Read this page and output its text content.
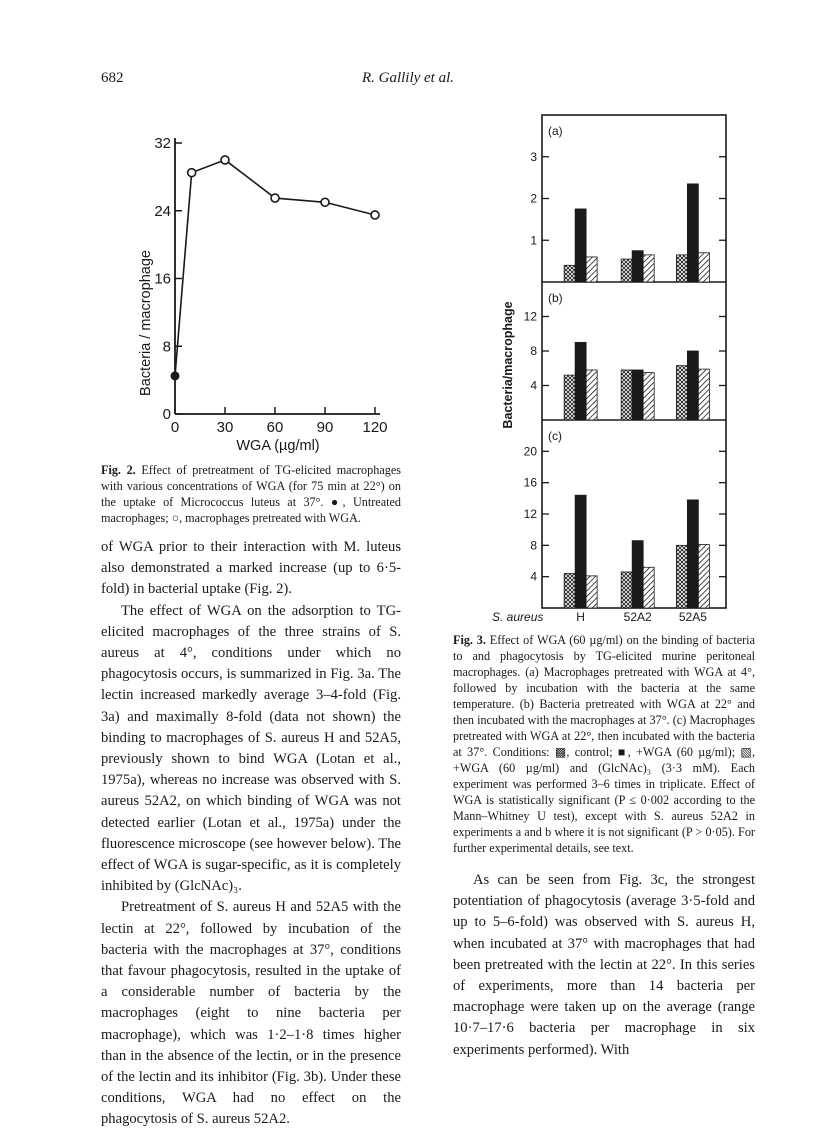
682	R. Gallily et al.
0
8
16
24
32
0 30 60 90 120
Bacteria / macrophage
WGA (µg/ml)
Fig. 2. Effect of pretreatment of TG-elicited macrophages with various concentrations of WGA (for 75 min at 22°) on the uptake of Micrococcus luteus at 37°. ●, Untreated macrophages; ○, macrophages pretreated with WGA.
(a)
1
2
3
(b)
4
8
12
(c)
4
8
12
16
20
Bacteria/macrophage
S. aureus	H	52A2 52A5
Fig. 3. Effect of WGA (60 µg/ml) on the binding of bacteria to and phagocytosis by TG-elicited murine peritoneal macrophages. (a) Macrophages pretreated with WGA at 4°, followed by incubation with the bacteria at the same temperature. (b) Bacteria pretreated with WGA at 22° and then incubated with the macrophages at 37°. (c) Macrophages pretreated with WGA at 22°, then incubated with the bacteria at 37°. Conditions: ▩, control; ■, +WGA (60 µg/ml); ▧, +WGA (60 µg/ml) and (GlcNAc)₃ (3·3 mM). Each experiment was performed 3–6 times in triplicate. Effect of WGA is statistically significant (P ≤ 0·002 according to the Mann–Whitney U test), except with S. aureus 52A2 in experiments a and b where it is not significant (P > 0·05). For further experimental details, see text.

of WGA prior to their interaction with M. luteus also demonstrated a marked increase (up to 6·5-fold) in bacterial uptake (Fig. 2).

The effect of WGA on the adsorption to TG-elicited macrophages of the three strains of S. aureus at 4°, conditions under which no phagocytosis occurs, is summarized in Fig. 3a. The lectin increased markedly average 3–4-fold (Fig. 3a) and maximally 8-fold (data not shown) the binding to macrophages of S. aureus H and 52A5, previously shown to bind WGA (Lotan et al., 1975a), whereas no increase was observed with S. aureus 52A2, on which binding of WGA was not detected earlier (Lotan et al., 1975a) under the fluorescence microscope (see however below). The effect of WGA is sugar-specific, as it is completely inhibited by (GlcNAc)₃.

Pretreatment of S. aureus H and 52A5 with the lectin at 22°, followed by incubation of the bacteria with the macrophages at 37°, conditions that favour phagocytosis, resulted in the uptake of a considerable number of bacteria by the macrophages (eight to nine bacteria per macrophage), which was 1·2–1·8 times higher than in the absence of the lectin, or in the presence of the lectin and its inhibitor (Fig. 3b). Under these conditions, WGA had no effect on the phagocytosis of S. aureus 52A2.

As can be seen from Fig. 3c, the strongest potentiation of phagocytosis (average 3·5-fold and up to 5–6-fold) was observed with S. aureus H, when incubated at 37° with macrophages that had been pretreated with the lectin at 22°. In this series of experiments, more than 14 bacteria per macrophage were taken up on the average (range 10·7–17·6 bacteria per macrophage in six experiments performed). With
